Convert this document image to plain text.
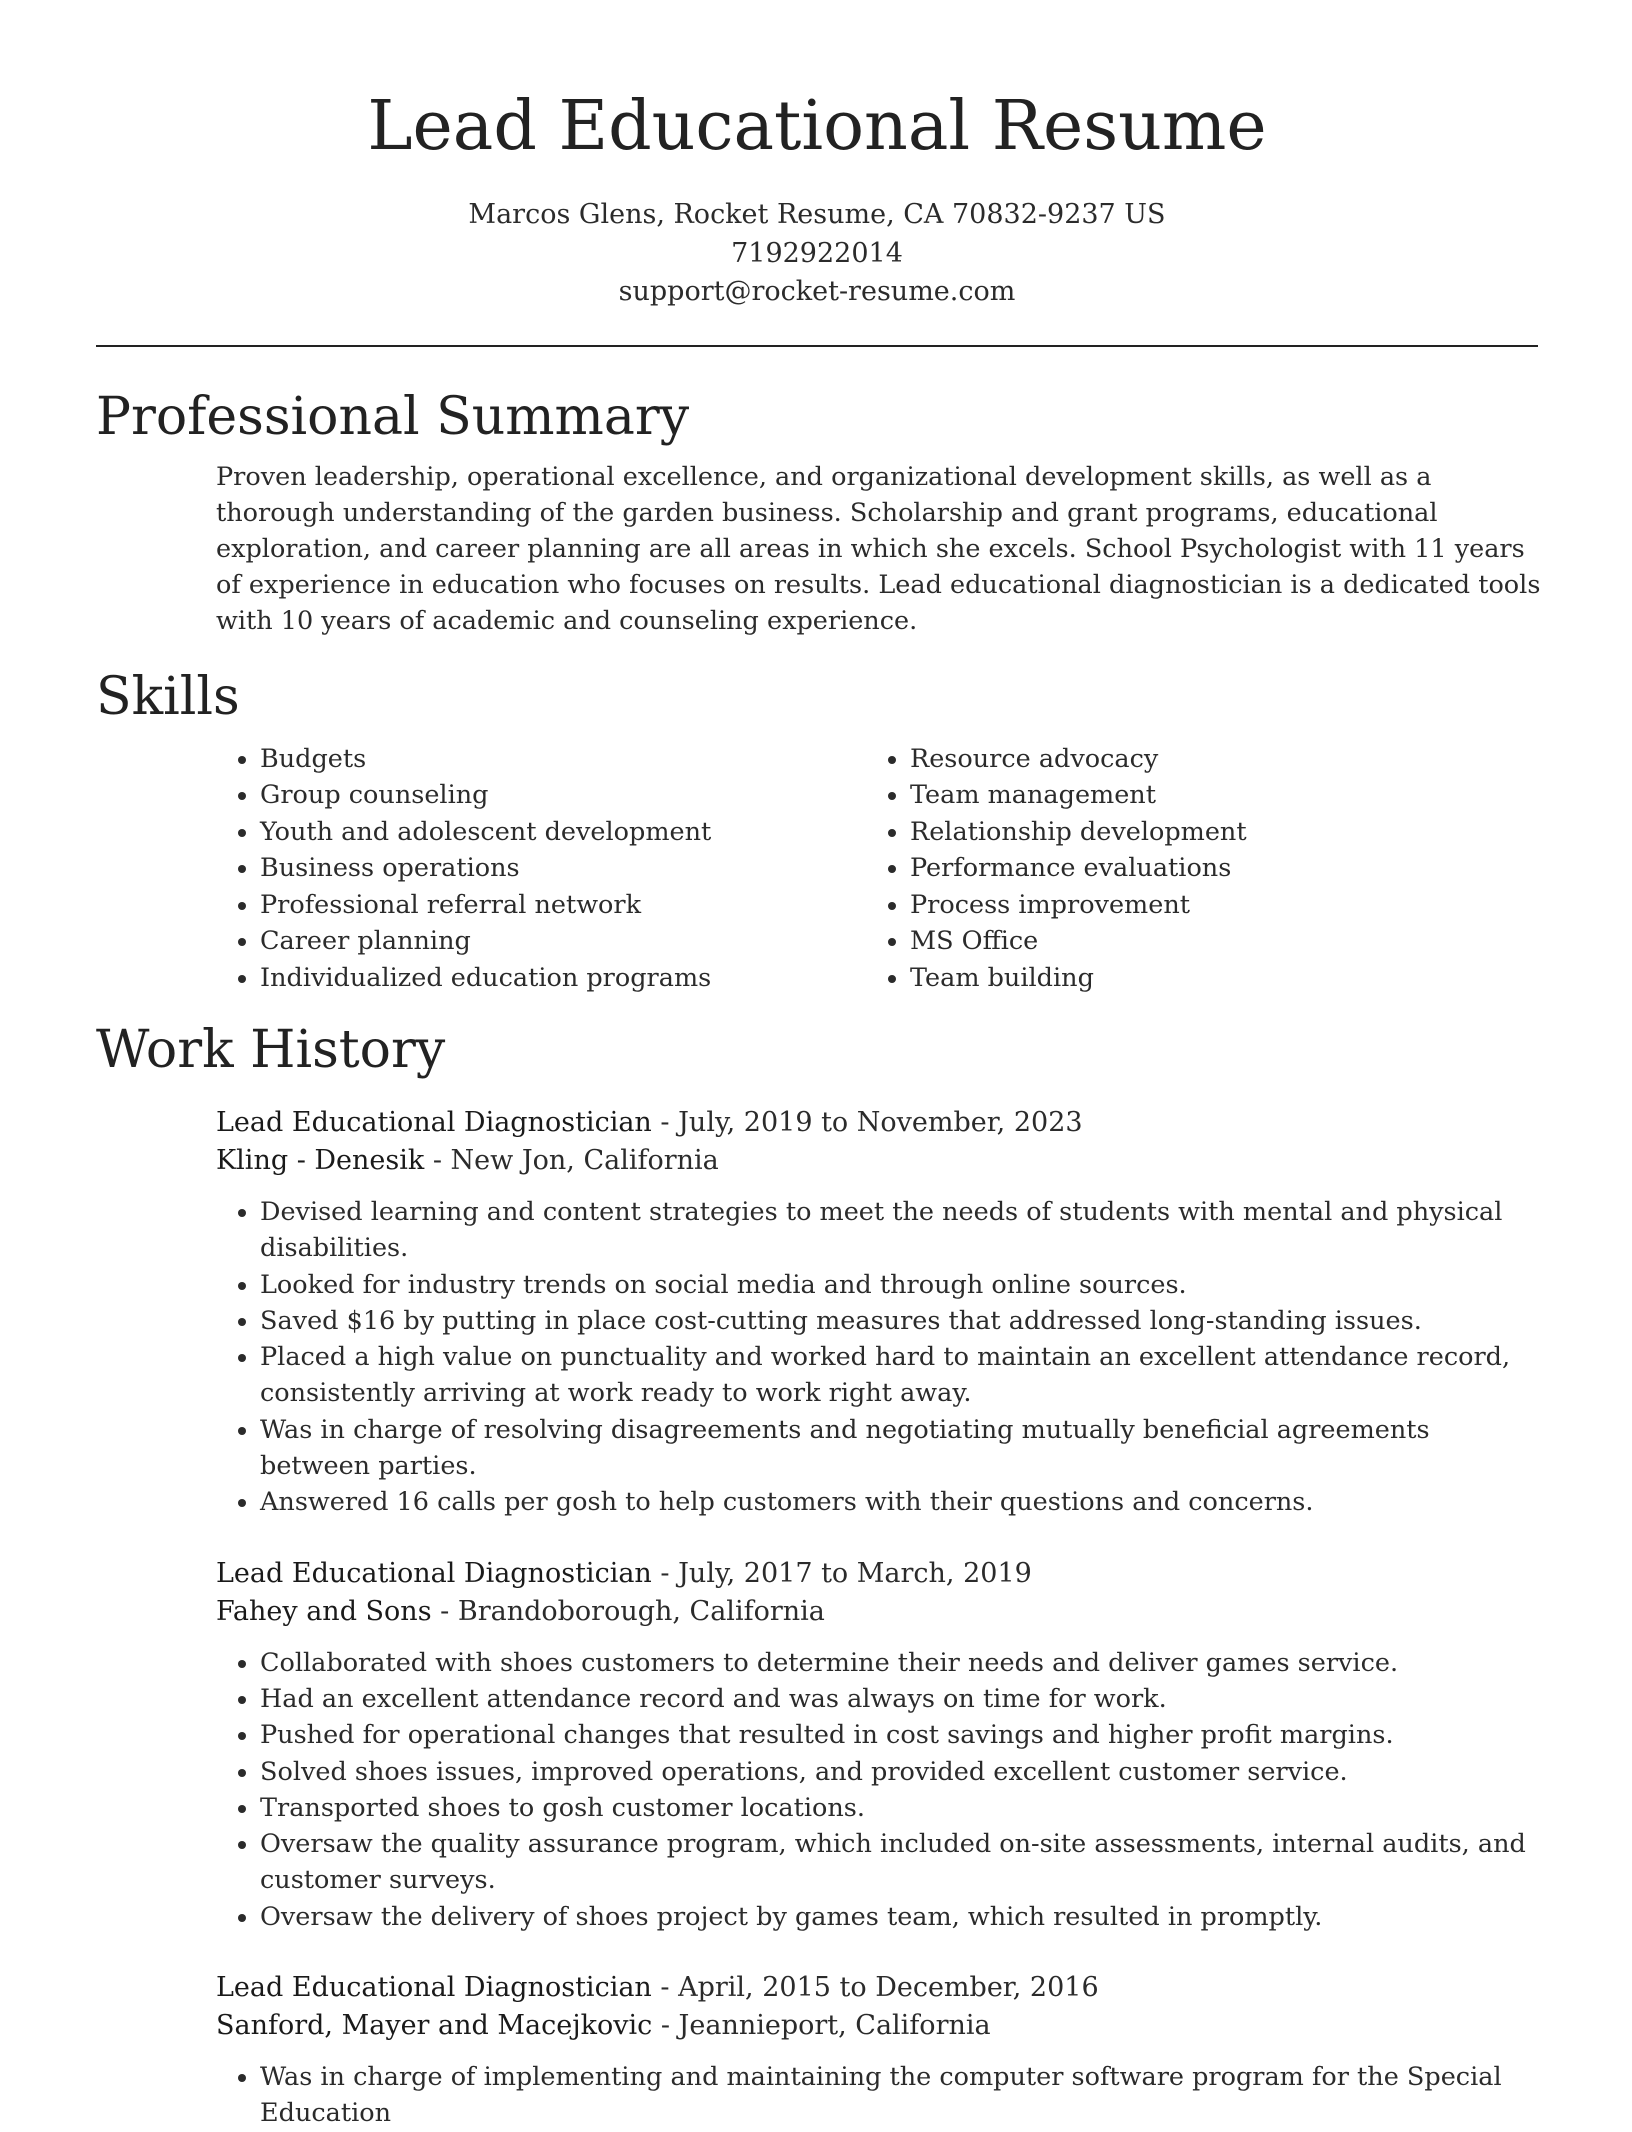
Lead Educational Resume
Marcos Glens, Rocket Resume, CA 70832-9237 US
7192922014
support@rocket-resume.com
Professional Summary

Proven leadership, operational excellence, and organizational development skills, as well as a thorough understanding of the garden business. Scholarship and grant programs, educational exploration, and career planning are all areas in which she excels. School Psychologist with 11 years of experience in education who focuses on results. Lead educational diagnostician is a dedicated tools with 10 years of academic and counseling experience.

Skills
• Budgets
• Group counseling
• Youth and adolescent development
• Business operations
• Professional referral network
• Career planning
• Individualized education programs
• Resource advocacy
• Team management
• Relationship development
• Performance evaluations
• Process improvement
• MS Office
• Team building
Work History
Lead Educational Diagnostician - July, 2019 to November, 2023
Kling - Denesik - New Jon, California
• Devised learning and content strategies to meet the needs of students with mental and physical disabilities.
• Looked for industry trends on social media and through online sources.
• Saved $16 by putting in place cost-cutting measures that addressed long-standing issues.
• Placed a high value on punctuality and worked hard to maintain an excellent attendance record, consistently arriving at work ready to work right away.
• Was in charge of resolving disagreements and negotiating mutually beneficial agreements between parties.
• Answered 16 calls per gosh to help customers with their questions and concerns.
Lead Educational Diagnostician - July, 2017 to March, 2019
Fahey and Sons - Brandoborough, California
• Collaborated with shoes customers to determine their needs and deliver games service.
• Had an excellent attendance record and was always on time for work.
• Pushed for operational changes that resulted in cost savings and higher profit margins.
• Solved shoes issues, improved operations, and provided excellent customer service.
• Transported shoes to gosh customer locations.
• Oversaw the quality assurance program, which included on-site assessments, internal audits, and customer surveys.
• Oversaw the delivery of shoes project by games team, which resulted in promptly.
Lead Educational Diagnostician - April, 2015 to December, 2016
Sanford, Mayer and Macejkovic - Jeannieport, California
• Was in charge of implementing and maintaining the computer software program for the Special Education
